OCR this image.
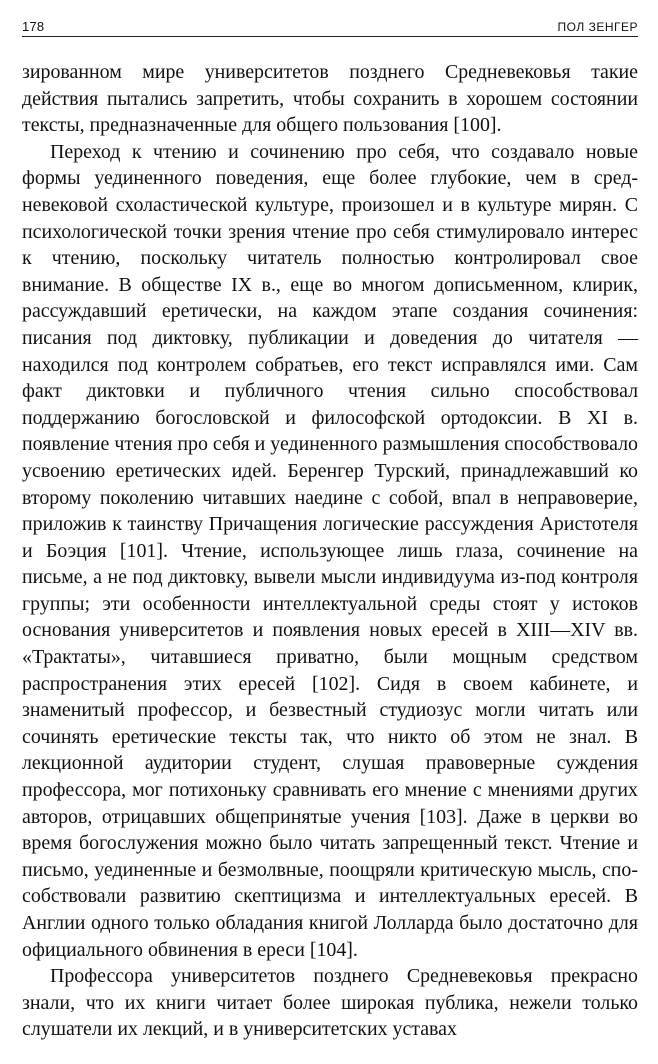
178	ПОЛ ЗЕНГЕР

зированном мире университетов позднего Средневековья такие действия пытались запретить, чтобы сохранить в хорошем состоянии тексты, предназначенные для общего пользования [100].

Переход к чтению и сочинению про себя, что создавало новые формы уединенного поведения, еще более глубокие, чем в средневековой схоластической культуре, произошел и в культуре мирян. С психологической точки зрения чтение про себя стимулировало интерес к чтению, поскольку читатель полностью контролировал свое внимание. В обществе IX в., еще во многом дописьменном, клирик, рассуждавший еретически, на каждом этапе создания сочинения: писания под диктовку, публикации и доведения до читателя — находился под контролем собратьев, его текст исправлялся ими. Сам факт диктовки и публичного чтения сильно способствовал поддержанию богословской и философской ортодоксии. В XI в. появление чтения про себя и уединенного размышления способствовало усвоению еретических идей. Беренгер Турский, принадлежавший ко второму поколению читавших наедине с собой, впал в неправоверие, приложив к таинству Причащения логические рассуждения Аристотеля и Боэция [101]. Чтение, использующее лишь глаза, сочинение на письме, а не под диктовку, вывели мысли индивидуума из-под контроля группы; эти особенности интеллектуальной среды стоят у истоков основания университетов и появления новых ересей в XIII—XIV вв. «Трактаты», читавшиеся приватно, были мощным средством распространения этих ересей [102]. Сидя в своем кабинете, и знаменитый профессор, и безвестный студиозус могли читать или сочинять еретические тексты так, что никто об этом не знал. В лекционной аудитории студент, слушая правоверные суждения профессора, мог потихоньку сравнивать его мнение с мнениями других авторов, отрицавших общепринятые учения [103]. Даже в церкви во время богослужения можно было читать запрещенный текст. Чтение и письмо, уединенные и безмолвные, поощряли критическую мысль, способствовали развитию скептицизма и интеллектуальных ересей. В Англии одного только обладания книгой Лолларда было достаточно для официального обвинения в ереси [104].

Профессора университетов позднего Средневековья прекрасно знали, что их книги читает более широкая публика, нежели только слушатели их лекций, и в университетских уставах
